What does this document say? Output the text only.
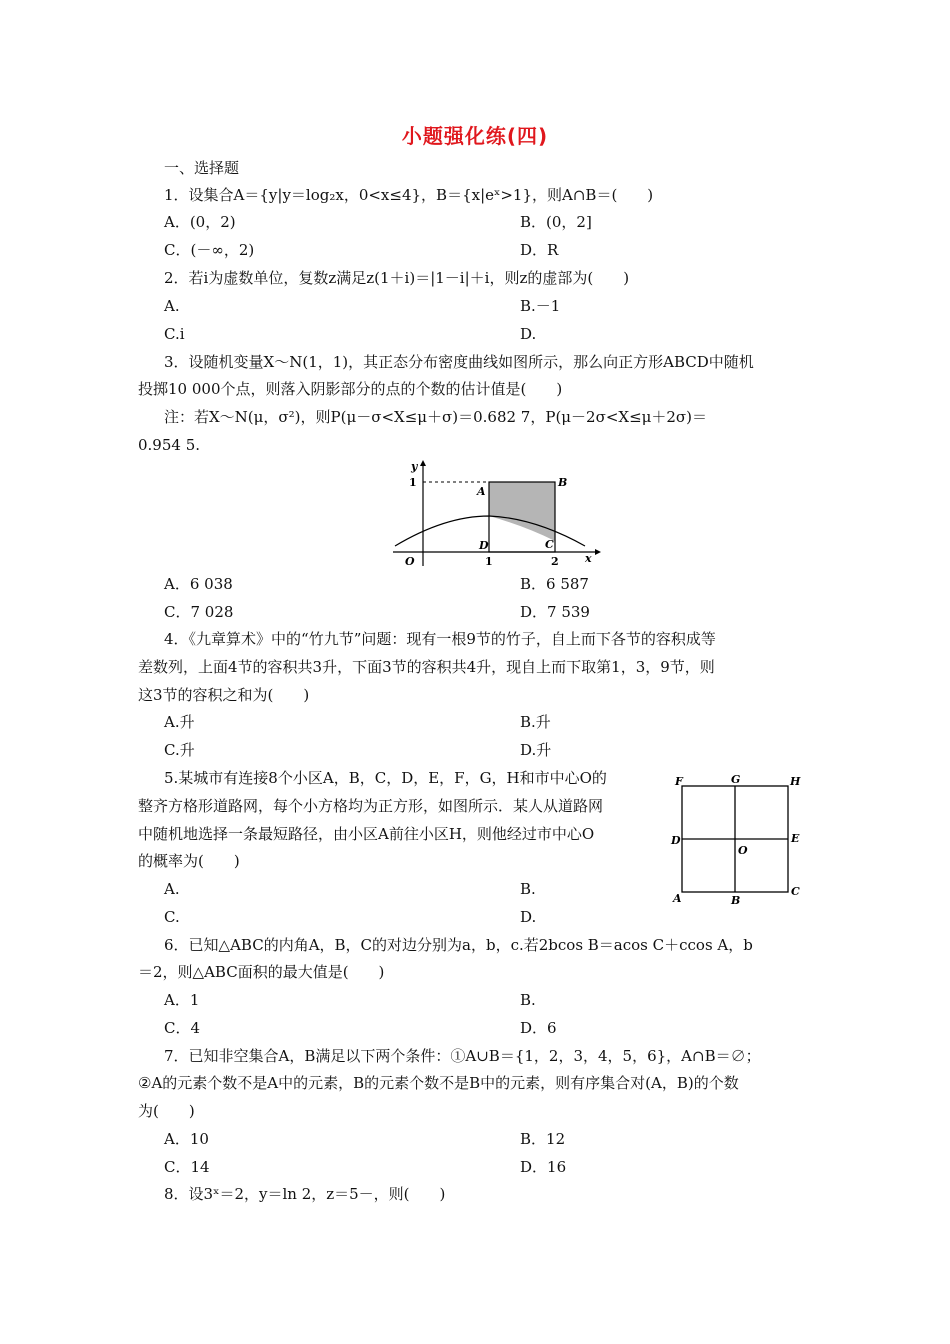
小题强化练(四)
一、选择题
1．设集合A＝{y|y＝log₂x，0<x≤4}，B＝{x|eˣ>1}，则A∩B＝(　　)
A．(0，2)	B．(0，2]
C．(－∞，2)	D．R
2．若i为虚数单位，复数z满足z(1＋i)＝|1－i|＋i，则z的虚部为(　　)
A.	B.－1
C.i	D.
3．设随机变量X～N(1，1)，其正态分布密度曲线如图所示，那么向正方形ABCD中随机
投掷10 000个点，则落入阴影部分的点的个数的估计值是(　　)
注：若X～N(μ，σ²)，则P(μ－σ<X≤μ＋σ)＝0.682 7，P(μ－2σ<X≤μ＋2σ)＝
0.954 5.
y
x
O
1
1	2
A
B
C
D
A．6 038	B．6 587
C．7 028	D．7 539
4．《九章算术》中的“竹九节”问题：现有一根9节的竹子，自上而下各节的容积成等
差数列，上面4节的容积共3升，下面3节的容积共4升，现自上而下取第1，3，9节，则
这3节的容积之和为(　　)
A.升	B.升
C.升	D.升
5.某城市有连接8个小区A，B，C，D，E，F，G，H和市中心O的
整齐方格形道路网，每个小方格均为正方形，如图所示．某人从道路网
中随机地选择一条最短路径，由小区A前往小区H，则他经过市中心O
的概率为(　　)
F	G	H
D
O
E
A	B
C
A.	B.
C.	D.
6．已知△ABC的内角A，B，C的对边分别为a，b，c.若2bcos B＝acos C＋ccos A，b
＝2，则△ABC面积的最大值是(　　)
A．1	B.
C．4	D．6
7．已知非空集合A，B满足以下两个条件：①A∪B＝{1，2，3，4，5，6}，A∩B＝∅；
②A的元素个数不是A中的元素，B的元素个数不是B中的元素，则有序集合对(A，B)的个数
为(　　)
A．10	B．12
C．14	D．16
8．设3ˣ＝2，y＝ln 2，z＝5－，则(　　)
